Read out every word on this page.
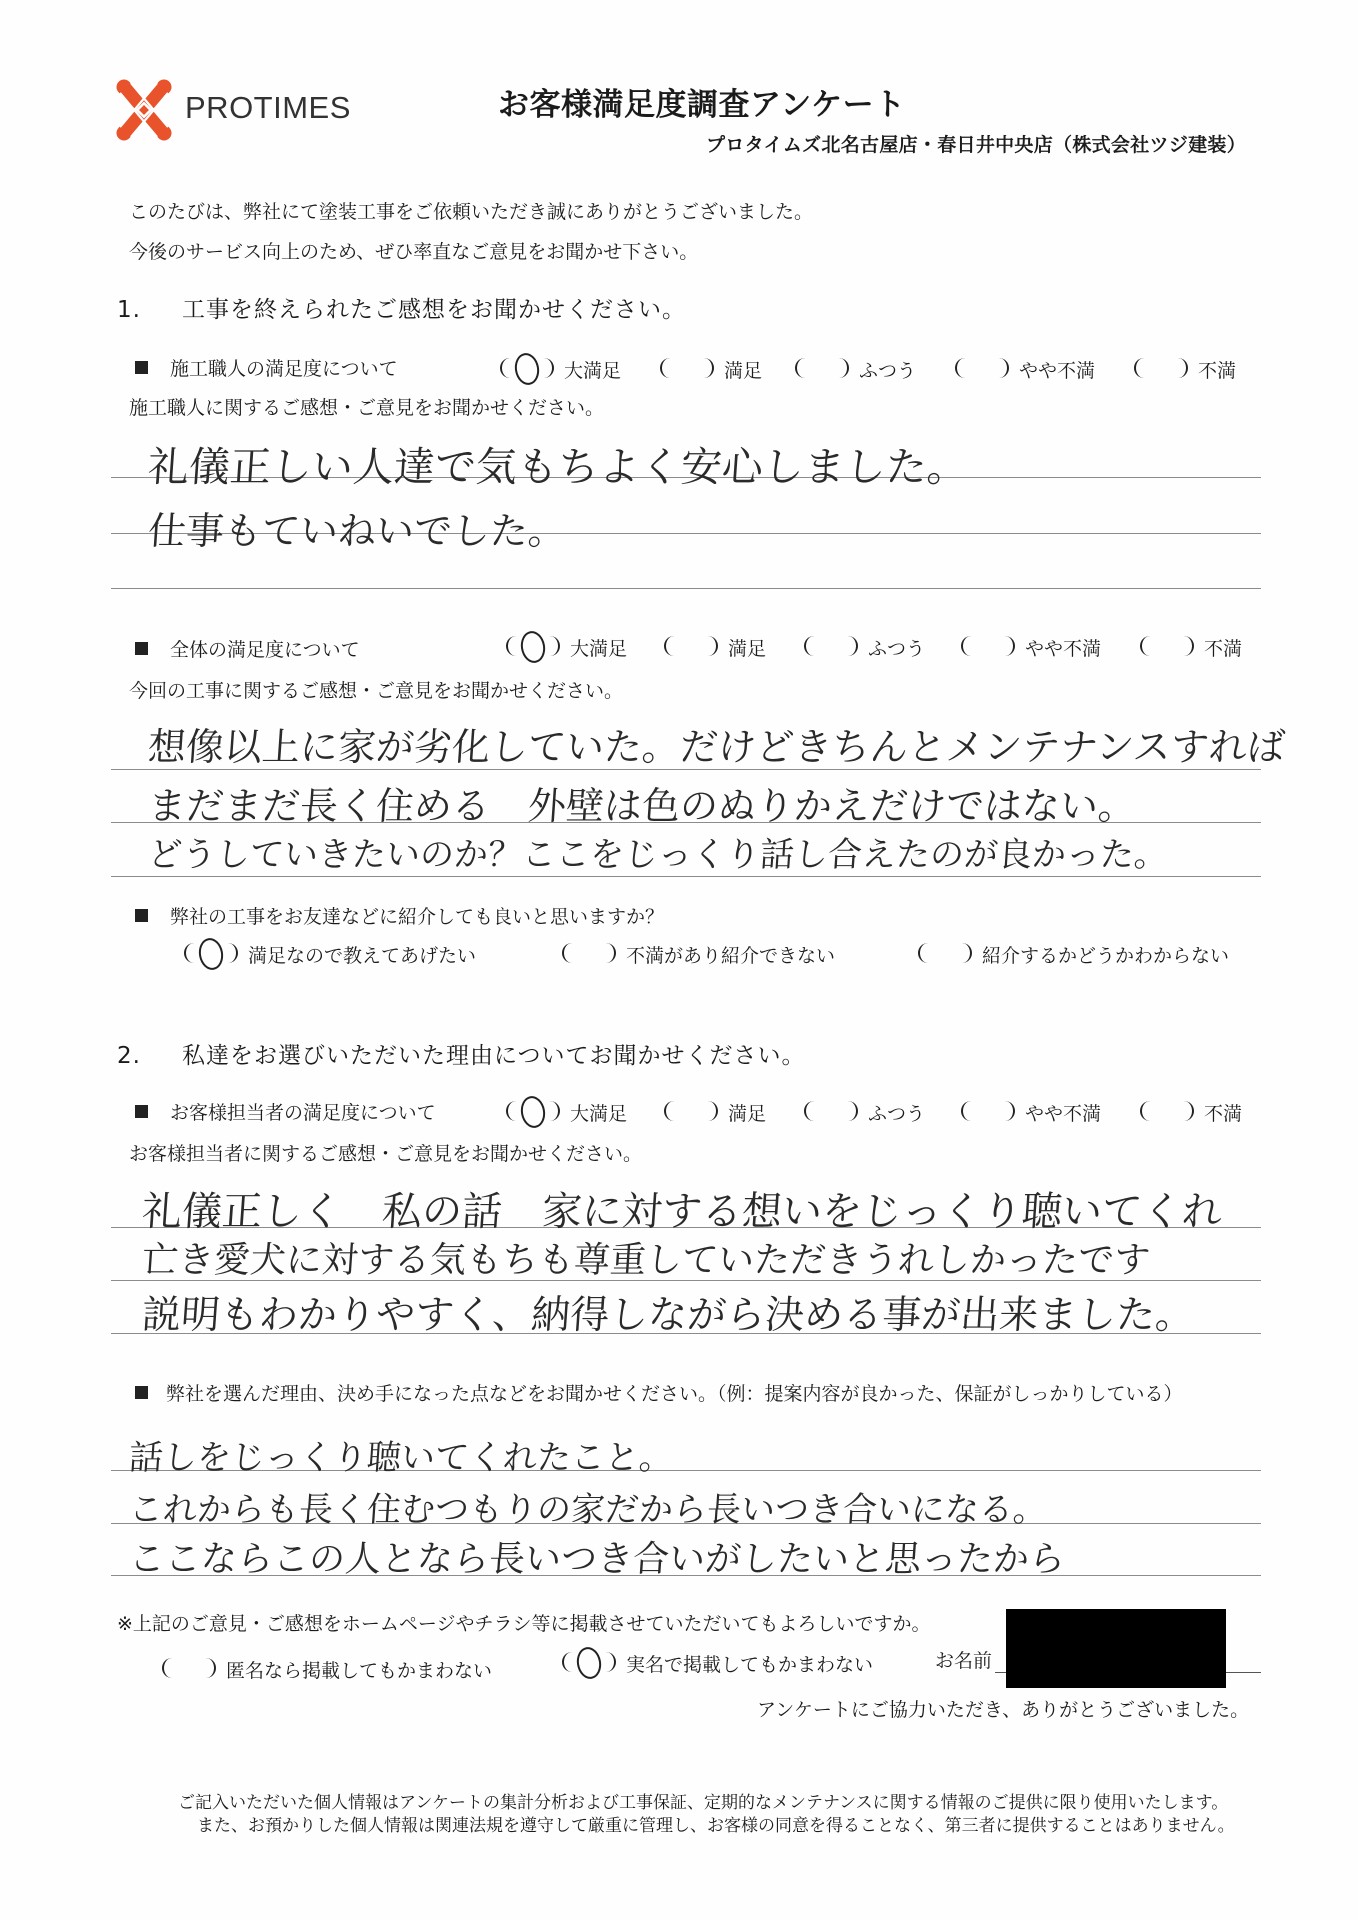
PROTIMES	お客様満足度調査アンケート
プロタイムズ北名古屋店・春日井中央店（株式会社ツジ建装）
このたびは、弊社にて塗装工事をご依頼いただき誠にありがとうございました。
今後のサービス向上のため、ぜひ率直なご意見をお聞かせ下さい。
1. 工事を終えられたご感想をお聞かせください。
施工職人の満足度について	大満足	満足	ふつう	やや不満	不満
施工職人に関するご感想・ご意見をお聞かせください。
礼儀正しい人達で気もちよく安心しました。
仕事もていねいでした。
全体の満足度について	大満足	満足	ふつう	やや不満	不満
今回の工事に関するご感想・ご意見をお聞かせください。
想像以上に家が劣化していた。だけどきちんとメンテナンスすれば
まだまだ長く住める　外壁は色のぬりかえだけではない。
どうしていきたいのか？ここをじっくり話し合えたのが良かった。
弊社の工事をお友達などに紹介しても良いと思いますか？
満足なので教えてあげたい	不満があり紹介できない	紹介するかどうかわからない
2. 私達をお選びいただいた理由についてお聞かせください。
お客様担当者の満足度について	大満足	満足	ふつう	やや不満	不満
お客様担当者に関するご感想・ご意見をお聞かせください。
礼儀正しく　私の話　家に対する想いをじっくり聴いてくれ
亡き愛犬に対する気もちも尊重していただきうれしかったです
説明もわかりやすく、納得しながら決める事が出来ました。
弊社を選んだ理由、決め手になった点などをお聞かせください。（例：提案内容が良かった、保証がしっかりしている）
話しをじっくり聴いてくれたこと。
これからも長く住むつもりの家だから長いつき合いになる。
ここならこの人となら長いつき合いがしたいと思ったから
※上記のご意見・ご感想をホームページやチラシ等に掲載させていただいてもよろしいですか。
匿名なら掲載してもかまわない	実名で掲載してもかまわない	お名前
アンケートにご協力いただき、ありがとうございました。
ご記入いただいた個人情報はアンケートの集計分析および工事保証、定期的なメンテナンスに関する情報のご提供に限り使用いたします。
また、お預かりした個人情報は関連法規を遵守して厳重に管理し、お客様の同意を得ることなく、第三者に提供することはありません。
